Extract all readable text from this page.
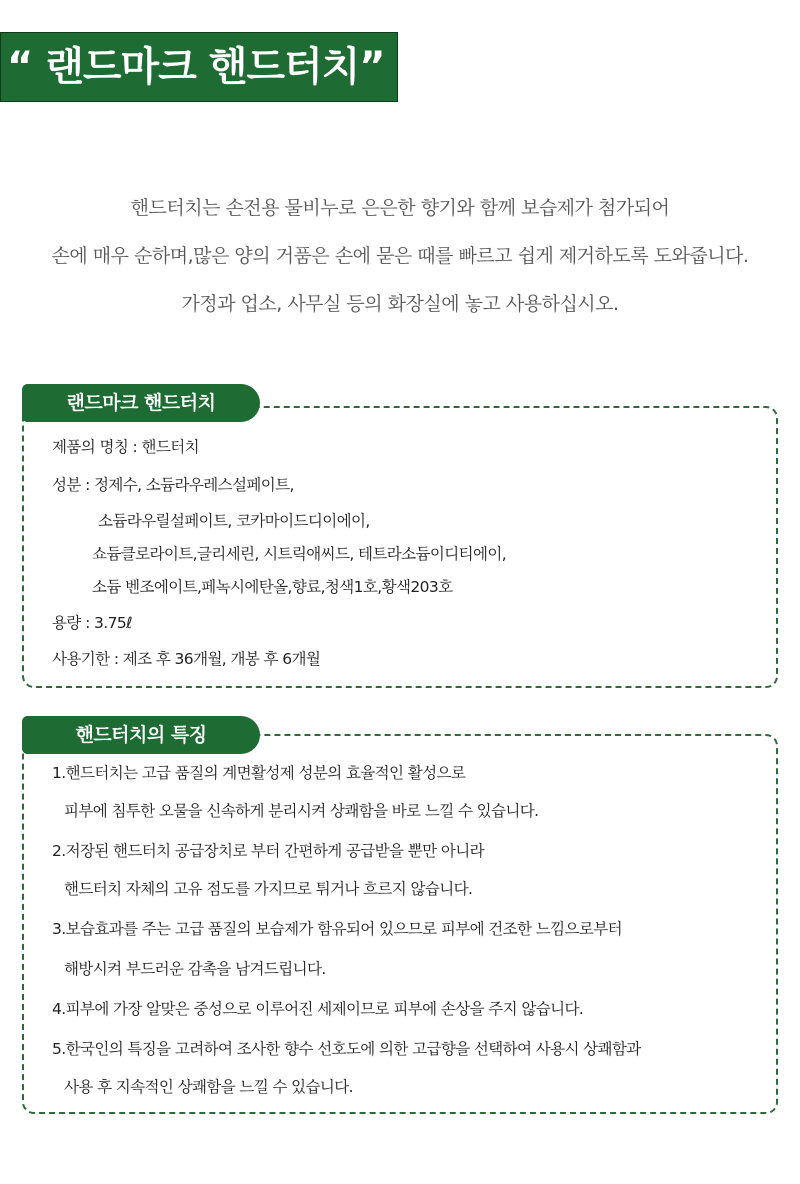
“ 랜드마크 핸드터치”

핸드터치는 손전용 물비누로 은은한 향기와 함께 보습제가 첨가되어

손에 매우 순하며,많은 양의 거품은 손에 묻은 때를 빠르고 쉽게 제거하도록 도와줍니다.

가정과 업소, 사무실 등의 화장실에 놓고 사용하십시오.

랜드마크 핸드터치
제품의 명칭 : 핸드터치
성분 : 정제수, 소듐라우레스설페이트,
소듐라우릴설페이트, 코카마이드디이에이,
쇼듐클로라이트,글리세린, 시트릭애씨드, 테트라소듐이디티에이,
소듐 벤조에이트,페녹시에탄올,향료,청색1호,황색203호
용량 : 3.75ℓ
사용기한 : 제조 후 36개월, 개봉 후 6개월
핸드터치의 특징
1.핸드터치는 고급 품질의 계면활성제 성분의 효율적인 활성으로
피부에 침투한 오물을 신속하게 분리시켜 상쾌함을 바로 느낄 수 있습니다.
2.저장된 핸드터치 공급장치로 부터 간편하게 공급받을 뿐만 아니라
핸드터치 자체의 고유 점도를 가지므로 튀거나 흐르지 않습니다.
3.보습효과를 주는 고급 품질의 보습제가 함유되어 있으므로 피부에 건조한 느낌으로부터
해방시켜 부드러운 감촉을 남겨드립니다.
4.피부에 가장 알맞은 중성으로 이루어진 세제이므로 피부에 손상을 주지 않습니다.
5.한국인의 특징을 고려하여 조사한 향수 선호도에 의한 고급향을 선택하여 사용시 상쾌함과
사용 후 지속적인 상쾌함을 느낄 수 있습니다.
